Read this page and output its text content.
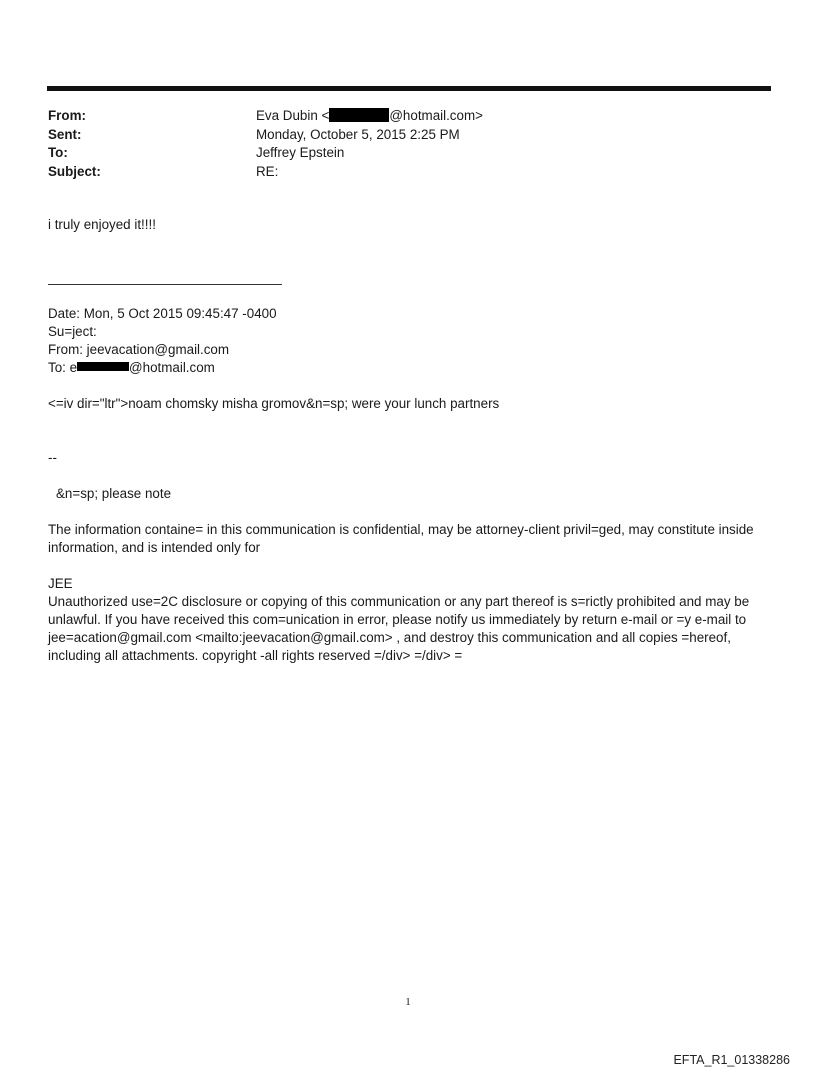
From:	Eva Dubin <	@hotmail.com>
Sent:	Monday, October 5, 2015 2:25 PM
To:	Jeffrey Epstein
Subject:	RE:
i truly enjoyed it!!!!
Date: Mon, 5 Oct 2015 09:45:47 -0400
Su=ject:
From: jeevacation@gmail.com
To: e	@hotmail.com
<=iv dir="ltr">noam chomsky misha gromov&n=sp; were your lunch partners
--
&n=sp; please note
The information containe= in this communication is confidential, may be attorney-client privil=ged, may constitute inside information, and is intended only for
JEE
Unauthorized use=2C disclosure or copying of this communication or any part thereof is s=rictly prohibited and may be unlawful. If you have received this com=unication in error, please notify us immediately by return e-mail or =y e-mail to jee=acation@gmail.com <mailto:jeevacation@gmail.com> , and destroy this communication and all copies =hereof, including all attachments. copyright -all rights reserved =/div> =/div> =
1
EFTA_R1_01338286
